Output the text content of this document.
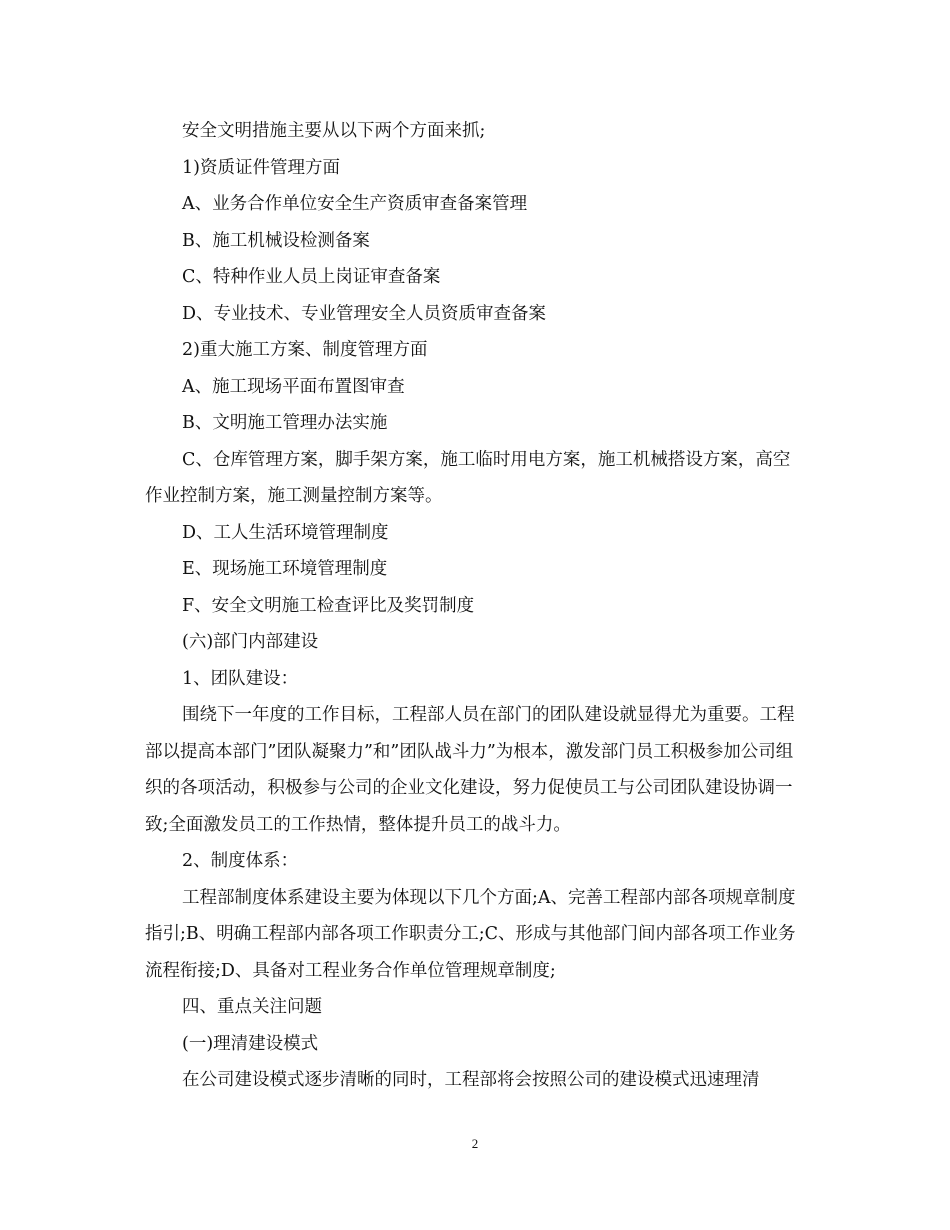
安全文明措施主要从以下两个方面来抓;

1)资质证件管理方面

A、业务合作单位安全生产资质审查备案管理

B、施工机械设检测备案

C、特种作业人员上岗证审查备案

D、专业技术、专业管理安全人员资质审查备案

2)重大施工方案、制度管理方面

A、施工现场平面布置图审查

B、文明施工管理办法实施

C、仓库管理方案，脚手架方案，施工临时用电方案，施工机械搭设方案，高空作业控制方案，施工测量控制方案等。

D、工人生活环境管理制度

E、现场施工环境管理制度

F、安全文明施工检查评比及奖罚制度

(六)部门内部建设

1、团队建设：

围绕下一年度的工作目标，工程部人员在部门的团队建设就显得尤为重要。工程部以提高本部门”团队凝聚力”和”团队战斗力”为根本，激发部门员工积极参加公司组织的各项活动，积极参与公司的企业文化建设，努力促使员工与公司团队建设协调一致;全面激发员工的工作热情，整体提升员工的战斗力。

2、制度体系：

工程部制度体系建设主要为体现以下几个方面;A、完善工程部内部各项规章制度指引;B、明确工程部内部各项工作职责分工;C、形成与其他部门间内部各项工作业务流程衔接;D、具备对工程业务合作单位管理规章制度;

四、重点关注问题

(一)理清建设模式

在公司建设模式逐步清晰的同时，工程部将会按照公司的建设模式迅速理清

2
